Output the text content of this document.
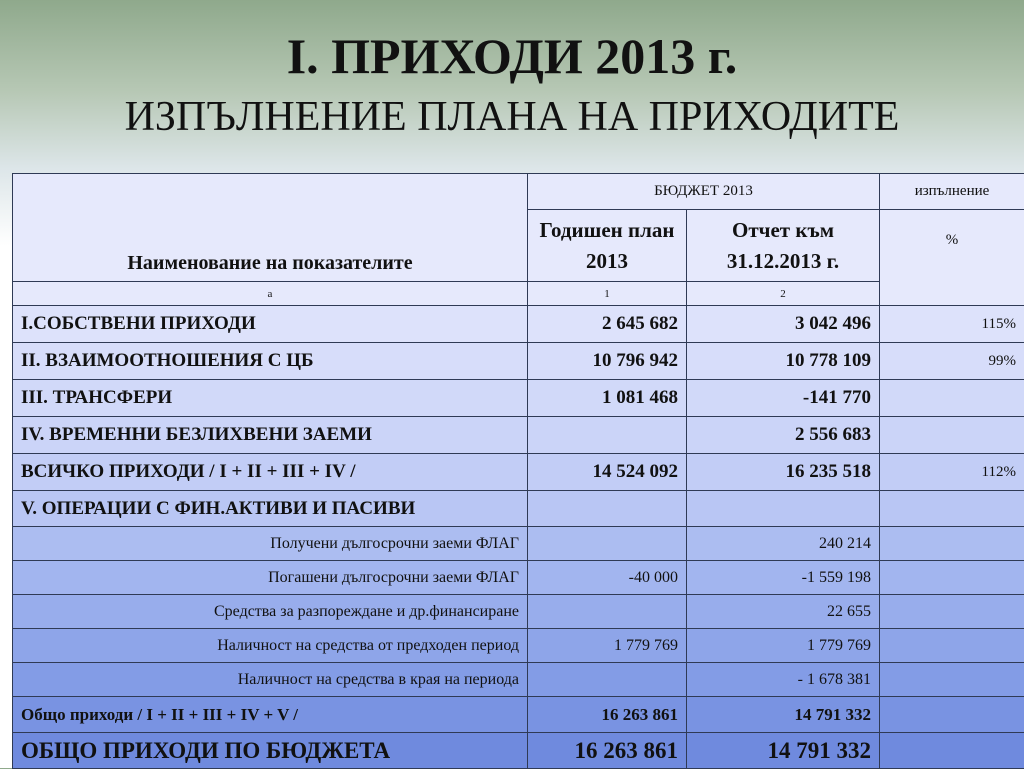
I. ПРИХОДИ 2013 г.
ИЗПЪЛНЕНИЕ ПЛАНА НА ПРИХОДИТЕ
Наименование на показателите	БЮДЖЕТ 2013		изпълнение
	Годишен план 2013	Отчет към 31.12.2013 г.	%
а	1	2	
I.СОБСТВЕНИ ПРИХОДИ	2 645 682	3 042 496	115%
II. ВЗАИМООТНОШЕНИЯ С ЦБ	10 796 942	10 778 109	99%
III. ТРАНСФЕРИ	1 081 468	-141 770	
IV. ВРЕМЕННИ БЕЗЛИХВЕНИ ЗАЕМИ		2 556 683	
ВСИЧКО ПРИХОДИ / I + II + III + IV /	14 524 092	16 235 518	112%
V. ОПЕРАЦИИ С ФИН.АКТИВИ И ПАСИВИ			
Получени дългосрочни заеми ФЛАГ		240 214	
Погашени дългосрочни заеми ФЛАГ	-40 000	-1 559 198	
Средства за разпореждане и др.финансиране		22 655	
Наличност на средства от предходен период	1 779 769	1 779 769	
Наличност на средства в края на периода		- 1 678 381	
Общо приходи / I + II + III + IV + V /	16 263 861	14 791 332	
ОБЩО ПРИХОДИ ПО БЮДЖЕТА	16 263 861	14 791 332	
